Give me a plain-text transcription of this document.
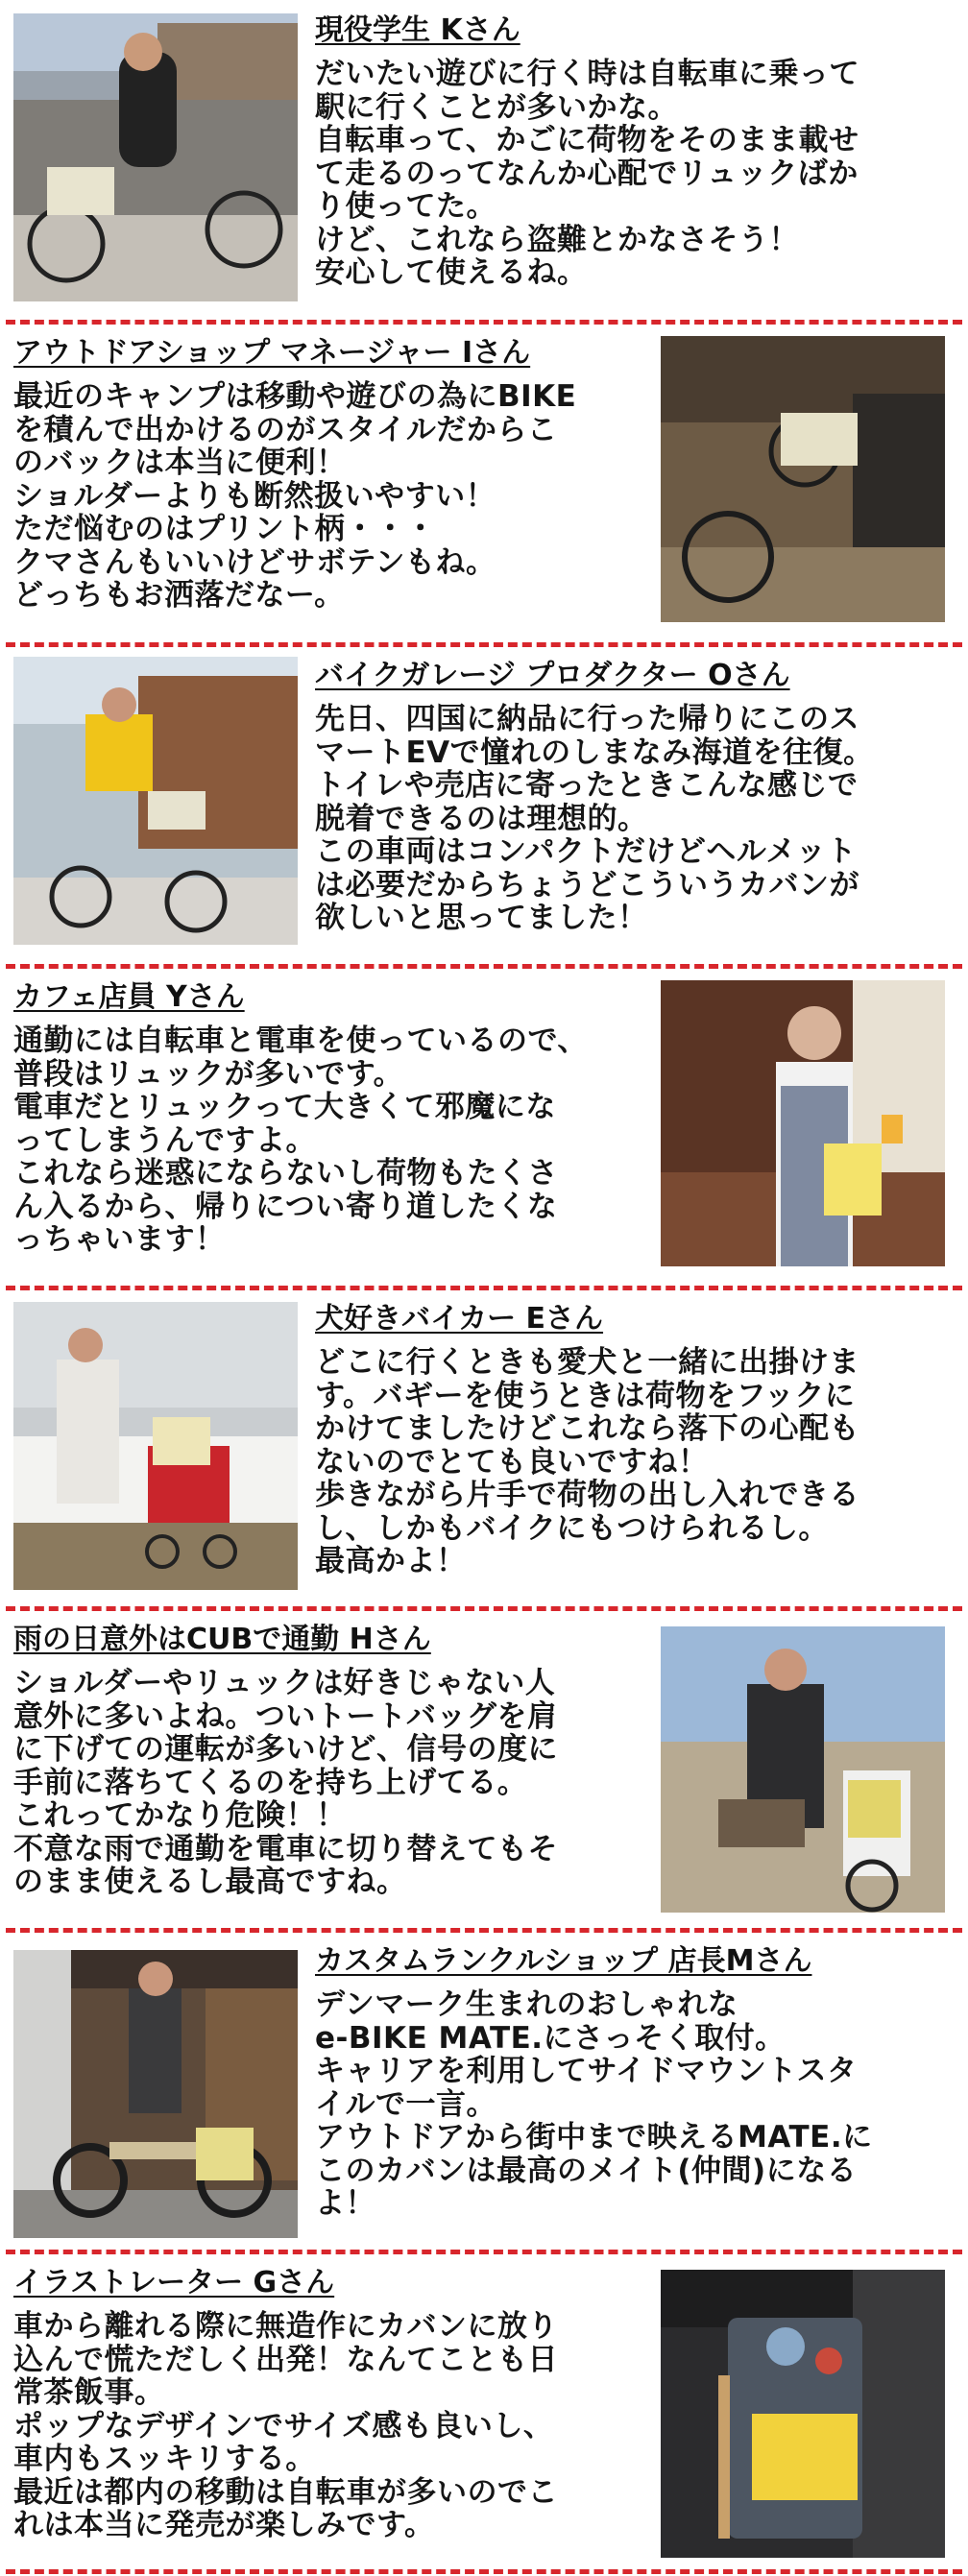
現役学生 Kさん

だいたい遊びに行く時は自転車に乗って
駅に行くことが多いかな。
自転車って、かごに荷物をそのまま載せ
て走るのってなんか心配でリュックばか
り使ってた。
けど、これなら盗難とかなさそう！
安心して使えるね。

アウトドアショップ マネージャー Iさん

最近のキャンプは移動や遊びの為にBIKE
を積んで出かけるのがスタイルだからこ
のバックは本当に便利！
ショルダーよりも断然扱いやすい！
ただ悩むのはプリント柄・・・
クマさんもいいけどサボテンもね。
どっちもお洒落だなー。

バイクガレージ プロダクター Oさん

先日、四国に納品に行った帰りにこのス
マートEVで憧れのしまなみ海道を往復。
トイレや売店に寄ったときこんな感じで
脱着できるのは理想的。
この車両はコンパクトだけどヘルメット
は必要だからちょうどこういうカバンが
欲しいと思ってました！

カフェ店員 Yさん

通勤には自転車と電車を使っているので、
普段はリュックが多いです。
電車だとリュックって大きくて邪魔にな
ってしまうんですよ。
これなら迷惑にならないし荷物もたくさ
ん入るから、帰りについ寄り道したくな
っちゃいます！

犬好きバイカー Eさん

どこに行くときも愛犬と一緒に出掛けま
す。バギーを使うときは荷物をフックに
かけてましたけどこれなら落下の心配も
ないのでとても良いですね！
歩きながら片手で荷物の出し入れできる
し、しかもバイクにもつけられるし。
最高かよ！

雨の日意外はCUBで通勤 Hさん

ショルダーやリュックは好きじゃない人
意外に多いよね。ついトートバッグを肩
に下げての運転が多いけど、信号の度に
手前に落ちてくるのを持ち上げてる。
これってかなり危険！！
不意な雨で通勤を電車に切り替えてもそ
のまま使えるし最高ですね。

カスタムランクルショップ 店長Mさん

デンマーク生まれのおしゃれな
e-BIKE MATE.にさっそく取付。
キャリアを利用してサイドマウントスタ
イルで一言。
アウトドアから街中まで映えるMATE.に
このカバンは最高のメイト(仲間)になる
よ！

イラストレーター Gさん

車から離れる際に無造作にカバンに放り
込んで慌ただしく出発！なんてことも日
常茶飯事。
ポップなデザインでサイズ感も良いし、
車内もスッキリする。
最近は都内の移動は自転車が多いのでこ
れは本当に発売が楽しみです。
